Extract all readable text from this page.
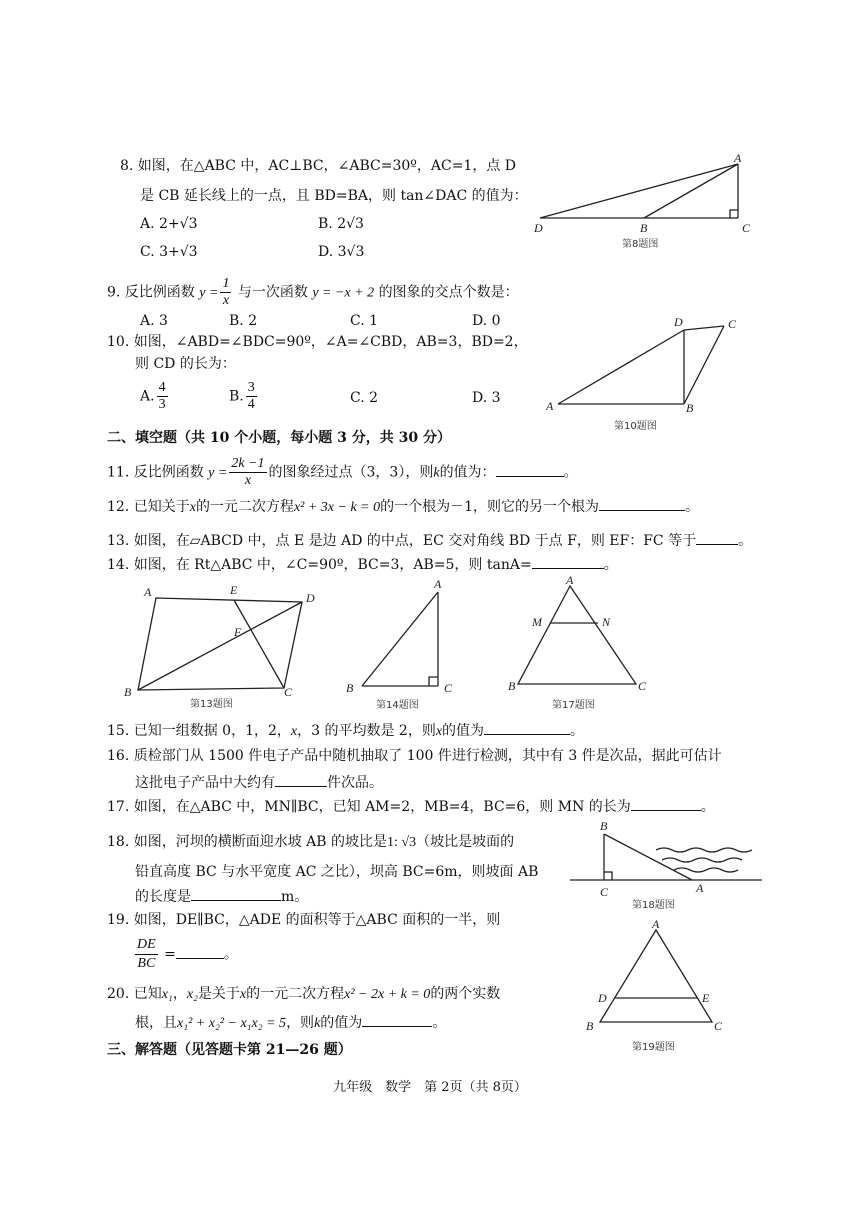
8. 如图，在△ABC 中，AC⊥BC，∠ABC=30º，AC=1，点 D
是 CB 延长线上的一点，且 BD=BA，则 tan∠DAC 的值为：
A. 2+√3	B. 2√3
C. 3+√3	D. 3√3
A
D	B	C
第8题图
9. 反比例函数 $y = \frac{1}{x}$ 与一次函数 y = −x + 2 的图象的交点个数是：
A. 3	B. 2	C. 1	D. 0
10. 如图，∠ABD=∠BDC=90º，∠A=∠CBD，AB=3，BD=2，
则 CD 的长为：
A. $\frac{4}{3}$	B. $\frac{3}{4}$	C. 2	D. 3	A	B
D	C
第10题图
二、填空题（共 10 个小题，每小题 3 分，共 30 分）
11. 反比例函数 $y = \frac{2k -1}{x}$ 的图象经过点（3，3），则k的值为：	。
12. 已知关于x的一元二次方程x² + 3x − k = 0的一个根为－1，则它的另一个根为	。
13. 如图，在▱ABCD 中，点 E 是边 AD 的中点，EC 交对角线 BD 于点 F，则 EF：FC 等于	。
14. 如图，在 Rt△ABC 中，∠C=90º，BC=3，AB=5，则 tanA=	。
A	E
D
F
B	C
第13题图
A
B	C
第14题图
A
M	N
B	C
第17题图
15. 已知一组数据 0，1，2，x，3 的平均数是 2，则x的值为	。
16. 质检部门从 1500 件电子产品中随机抽取了 100 件进行检测，其中有 3 件是次品，据此可估计
这批电子产品中大约有	件次品。
17. 如图，在△ABC 中，MN∥BC，已知 AM=2，MB=4，BC=6，则 MN 的长为	。
18. 如图，河坝的横断面迎水坡 AB 的坡比是1: √3（坡比是坡面的
铅直高度 BC 与水平宽度 AC 之比），坝高 BC=6m，则坡面 AB
的长度是	m。
B
C	A
第18题图
19. 如图，DE∥BC，△ADE 的面积等于△ABC 面积的一半，则
$\frac{DE}{BC}$ =	。
A
D	E
B	C
第19题图
20. 已知x₁，x₂是关于x的一元二次方程x² − 2x + k = 0的两个实数
根，且x₁² + x₂² − x₁x₂ = 5，则k的值为	。
三、解答题（见答题卡第 21—26 题）
九年级　数学　第 2页（共 8页）
